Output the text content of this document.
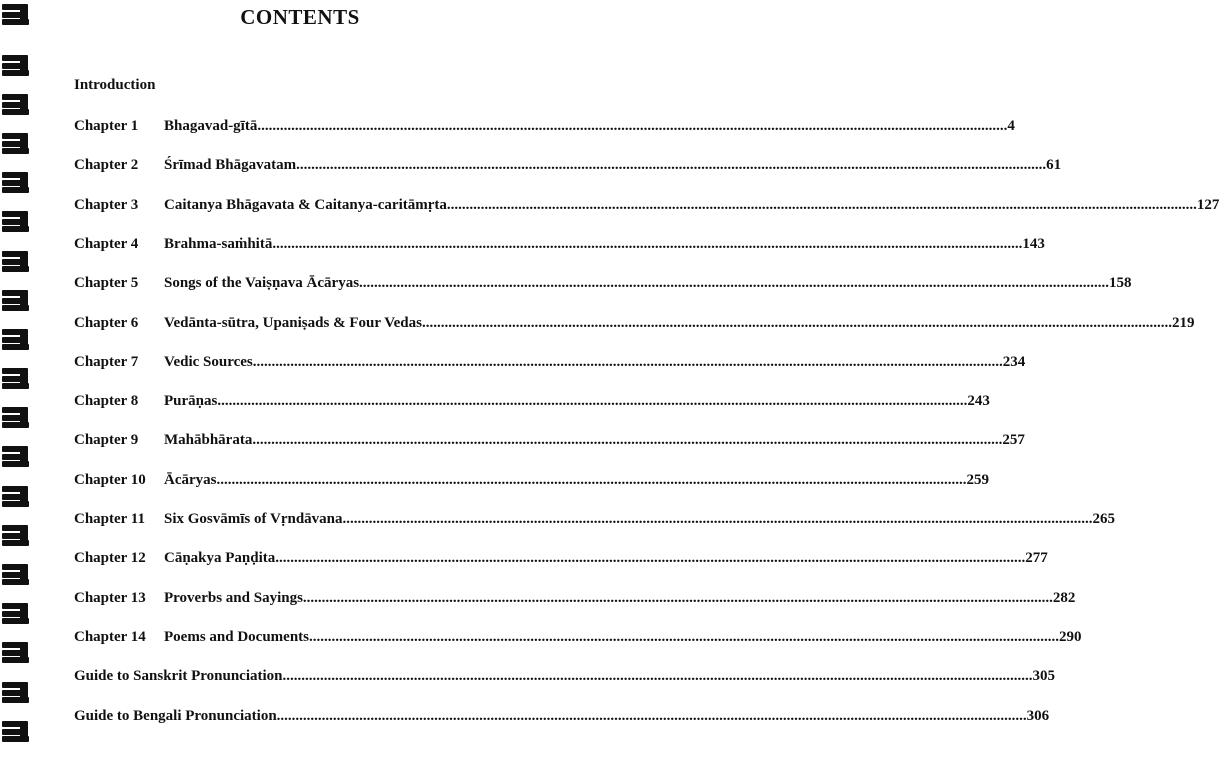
CONTENTS
Introduction
Chapter 1 Bhagavad-gītā ........................................................................................................................................................................................................ 4
Chapter 2 Śrīmad Bhāgavatam ........................................................................................................................................................................................................ 61
Chapter 3 Caitanya Bhāgavata & Caitanya-caritāmṛta ........................................................................................................................................................................................................ 127
Chapter 4 Brahma-saṁhitā ........................................................................................................................................................................................................ 143
Chapter 5 Songs of the Vaiṣṇava Ācāryas ........................................................................................................................................................................................................ 158
Chapter 6 Vedānta-sūtra, Upaniṣads & Four Vedas ........................................................................................................................................................................................................ 219
Chapter 7 Vedic Sources ........................................................................................................................................................................................................ 234
Chapter 8 Purāṇas ........................................................................................................................................................................................................ 243
Chapter 9 Mahābhārata ........................................................................................................................................................................................................ 257
Chapter 10 Ācāryas ........................................................................................................................................................................................................ 259
Chapter 11 Six Gosvāmīs of Vṛndāvana ........................................................................................................................................................................................................ 265
Chapter 12 Cāṇakya Paṇḍita ........................................................................................................................................................................................................ 277
Chapter 13 Proverbs and Sayings ........................................................................................................................................................................................................ 282
Chapter 14 Poems and Documents ........................................................................................................................................................................................................ 290
Guide to Sanskrit Pronunciation ........................................................................................................................................................................................................ 305
Guide to Bengali Pronunciation ........................................................................................................................................................................................................ 306
